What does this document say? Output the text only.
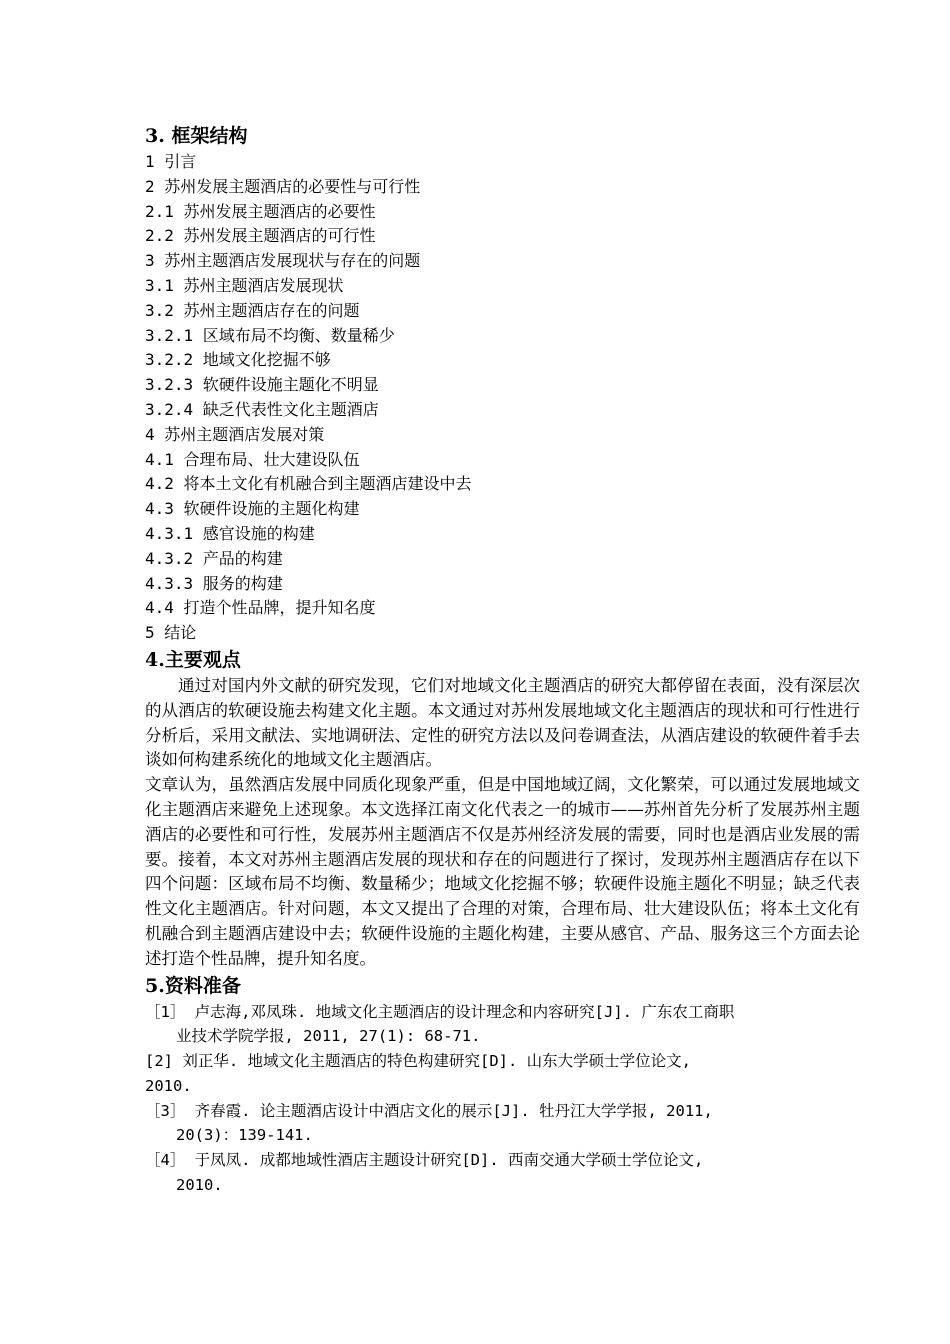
3. 框架结构
1 引言
2 苏州发展主题酒店的必要性与可行性
2.1 苏州发展主题酒店的必要性
2.2 苏州发展主题酒店的可行性
3 苏州主题酒店发展现状与存在的问题
3.1 苏州主题酒店发展现状
3.2 苏州主题酒店存在的问题
3.2.1 区域布局不均衡、数量稀少
3.2.2 地域文化挖掘不够
3.2.3 软硬件设施主题化不明显
3.2.4 缺乏代表性文化主题酒店
4 苏州主题酒店发展对策
4.1 合理布局、壮大建设队伍
4.2 将本土文化有机融合到主题酒店建设中去
4.3 软硬件设施的主题化构建
4.3.1 感官设施的构建
4.3.2 产品的构建
4.3.3 服务的构建
4.4 打造个性品牌，提升知名度
5 结论
4.主要观点

通过对国内外文献的研究发现，它们对地域文化主题酒店的研究大都停留在表面，没有深层次的从酒店的软硬设施去构建文化主题。本文通过对苏州发展地域文化主题酒店的现状和可行性进行分析后，采用文献法、实地调研法、定性的研究方法以及问卷调查法，从酒店建设的软硬件着手去谈如何构建系统化的地域文化主题酒店。

文章认为，虽然酒店发展中同质化现象严重，但是中国地域辽阔，文化繁荣，可以通过发展地域文化主题酒店来避免上述现象。本文选择江南文化代表之一的城市——苏州首先分析了发展苏州主题酒店的必要性和可行性，发展苏州主题酒店不仅是苏州经济发展的需要，同时也是酒店业发展的需要。接着，本文对苏州主题酒店发展的现状和存在的问题进行了探讨，发现苏州主题酒店存在以下四个问题：区域布局不均衡、数量稀少；地域文化挖掘不够；软硬件设施主题化不明显；缺乏代表性文化主题酒店。针对问题，本文又提出了合理的对策，合理布局、壮大建设队伍；将本土文化有机融合到主题酒店建设中去；软硬件设施的主题化构建，主要从感官、产品、服务这三个方面去论述打造个性品牌，提升知名度。

5.资料准备
［1］ 卢志海,邓凤珠. 地域文化主题酒店的设计理念和内容研究[J]. 广东农工商职
业技术学院学报, 2011, 27(1): 68-71.
[2] 刘正华. 地域文化主题酒店的特色构建研究[D]. 山东大学硕士学位论文,
2010.
［3］ 齐春霞. 论主题酒店设计中酒店文化的展示[J]. 牡丹江大学学报, 2011,
20(3)：139-141.
［4］ 于凤凤. 成都地域性酒店主题设计研究[D]. 西南交通大学硕士学位论文,
2010.
